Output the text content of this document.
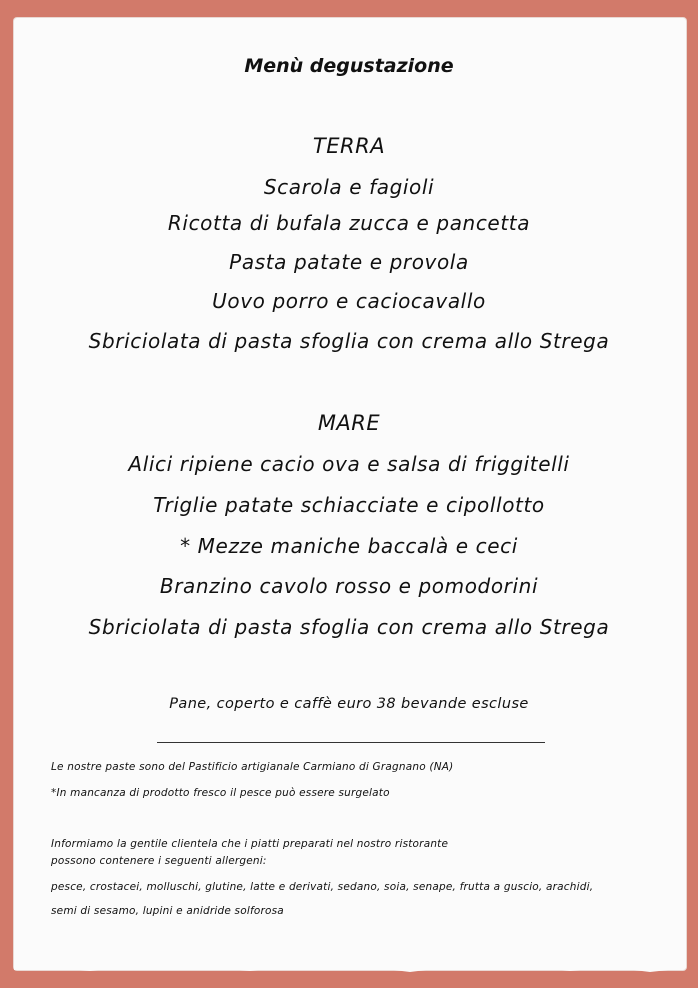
Menù degustazione
TERRA
Scarola e fagioli
Ricotta di bufala zucca e pancetta
Pasta patate e provola
Uovo porro e caciocavallo
Sbriciolata di pasta sfoglia con crema allo Strega
MARE
Alici ripiene cacio ova e salsa di friggitelli
Triglie patate schiacciate e cipollotto
* Mezze maniche baccalà e ceci
Branzino cavolo rosso e pomodorini
Sbriciolata di pasta sfoglia con crema allo Strega
Pane, coperto e caffè euro 38 bevande escluse
Le nostre paste sono del Pastificio artigianale Carmiano di Gragnano (NA)
*In mancanza di prodotto fresco il pesce può essere surgelato
Informiamo la gentile clientela che i piatti preparati nel nostro ristorante
possono contenere i seguenti allergeni:
pesce, crostacei, molluschi, glutine, latte e derivati, sedano, soia, senape, frutta a guscio, arachidi,
semi di sesamo, lupini e anidride solforosa
